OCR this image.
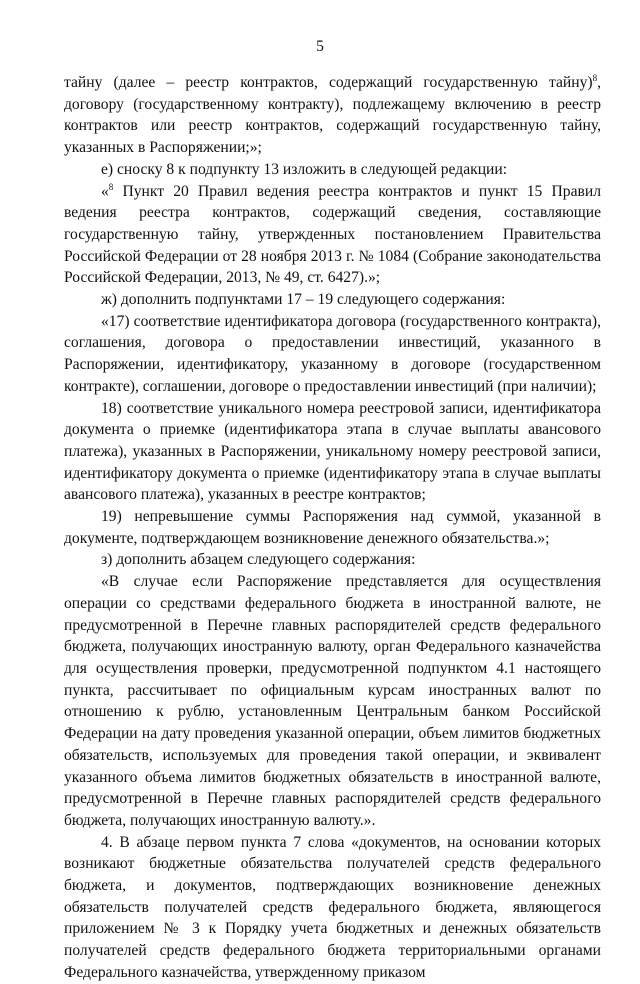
5

тайну (далее – реестр контрактов, содержащий государственную тайну)$^8$, договору (государственному контракту), подлежащему включению в реестр контрактов или реестр контрактов, содержащий государственную тайну, указанных в Распоряжении;»;

е) сноску 8 к подпункту 13 изложить в следующей редакции:

«$^8$ Пункт 20 Правил ведения реестра контрактов и пункт 15 Правил ведения реестра контрактов, содержащий сведения, составляющие государственную тайну, утвержденных постановлением Правительства Российской Федерации от 28 ноября 2013 г. № 1084 (Собрание законодательства Российской Федерации, 2013, № 49, ст. 6427).»;

ж) дополнить подпунктами 17 – 19 следующего содержания:

«17) соответствие идентификатора договора (государственного контракта), соглашения, договора о предоставлении инвестиций, указанного в Распоряжении, идентификатору, указанному в договоре (государственном контракте), соглашении, договоре о предоставлении инвестиций (при наличии);

18) соответствие уникального номера реестровой записи, идентификатора документа о приемке (идентификатора этапа в случае выплаты авансового платежа), указанных в Распоряжении, уникальному номеру реестровой записи, идентификатору документа о приемке (идентификатору этапа в случае выплаты авансового платежа), указанных в реестре контрактов;

19) непревышение суммы Распоряжения над суммой, указанной в документе, подтверждающем возникновение денежного обязательства.»;

з) дополнить абзацем следующего содержания:

«В случае если Распоряжение представляется для осуществления операции со средствами федерального бюджета в иностранной валюте, не предусмотренной в Перечне главных распорядителей средств федерального бюджета, получающих иностранную валюту, орган Федерального казначейства для осуществления проверки, предусмотренной подпунктом 4.1 настоящего пункта, рассчитывает по официальным курсам иностранных валют по отношению к рублю, установленным Центральным банком Российской Федерации на дату проведения указанной операции, объем лимитов бюджетных обязательств, используемых для проведения такой операции, и эквивалент указанного объема лимитов бюджетных обязательств в иностранной валюте, предусмотренной в Перечне главных распорядителей средств федерального бюджета, получающих иностранную валюту.».

4. В абзаце первом пункта 7 слова «документов, на основании которых возникают бюджетные обязательства получателей средств федерального бюджета, и документов, подтверждающих возникновение денежных обязательств получателей средств федерального бюджета, являющегося приложением № 3 к Порядку учета бюджетных и денежных обязательств получателей средств федерального бюджета территориальными органами Федерального казначейства, утвержденному приказом
